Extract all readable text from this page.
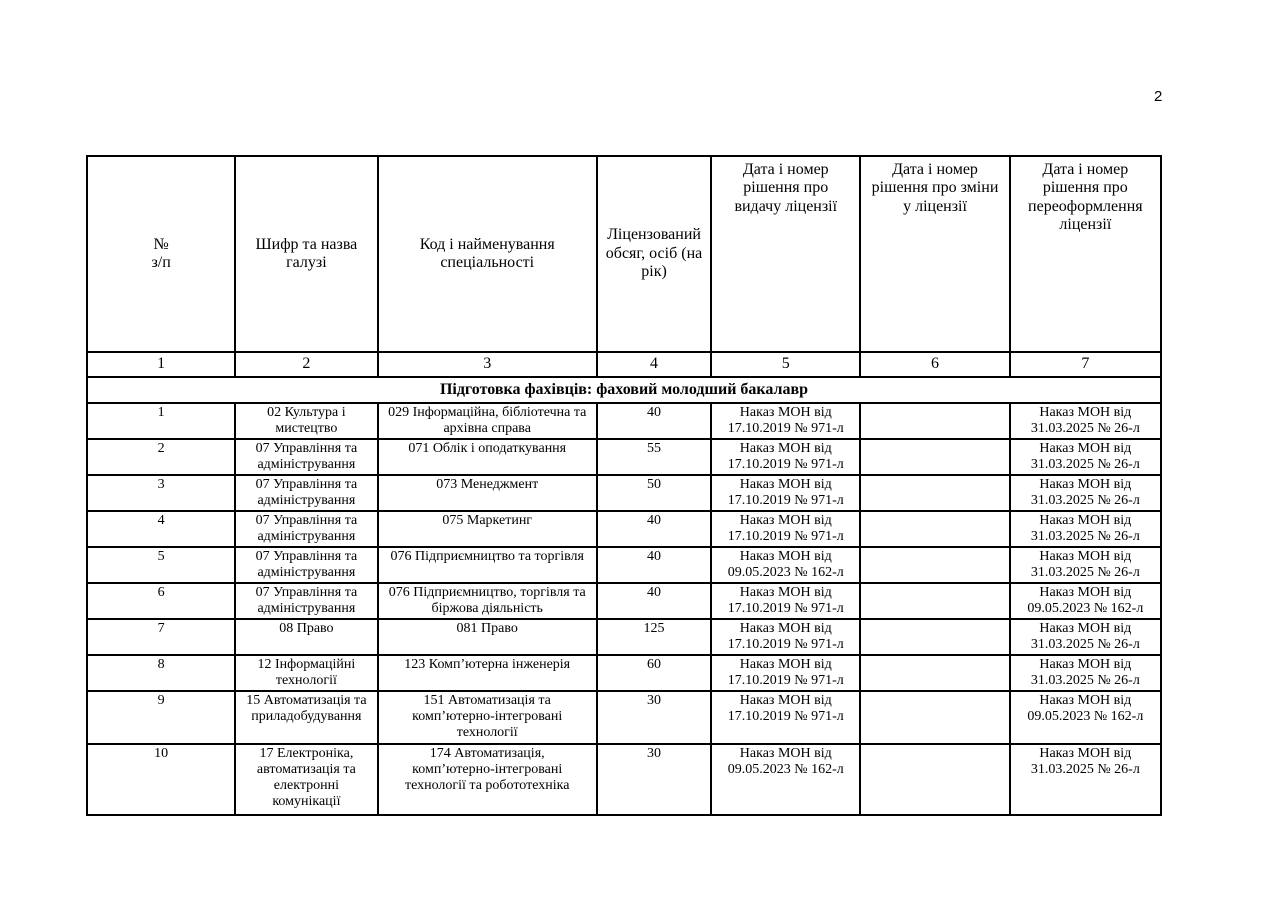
2
№
з/п	Шифр та назва
галузі	Код і найменування
спеціальності	Ліцензований
обсяг, осіб (на
рік)	Дата і номер
рішення про
видачу ліцензії	Дата і номер
рішення про зміни
у ліцензії	Дата і номер
рішення про
переоформлення
ліцензії

1	2	3	4	5	6	7
Підготовка фахівців: фаховий молодший бакалавр						

1	02 Культура і
мистецтво	029 Інформаційна, бібліотечна та
архівна справа	40	Наказ МОН від
17.10.2019 № 971-л		Наказ МОН від
31.03.2025 № 26-л

2	07 Управління та
адміністрування	071 Облік і оподаткування	55	Наказ МОН від
17.10.2019 № 971-л		Наказ МОН від
31.03.2025 № 26-л

3	07 Управління та
адміністрування	073 Менеджмент	50	Наказ МОН від
17.10.2019 № 971-л		Наказ МОН від
31.03.2025 № 26-л

4	07 Управління та
адміністрування	075 Маркетинг	40	Наказ МОН від
17.10.2019 № 971-л		Наказ МОН від
31.03.2025 № 26-л

5	07 Управління та
адміністрування	076 Підприємництво та торгівля	40	Наказ МОН від
09.05.2023 № 162-л		Наказ МОН від
31.03.2025 № 26-л

6	07 Управління та
адміністрування	076 Підприємництво, торгівля та
біржова діяльність	40	Наказ МОН від
17.10.2019 № 971-л		Наказ МОН від
09.05.2023 № 162-л

7	08 Право	081 Право	125	Наказ МОН від
17.10.2019 № 971-л		Наказ МОН від
31.03.2025 № 26-л

8	12 Інформаційні
технології	123 Комп’ютерна інженерія	60	Наказ МОН від
17.10.2019 № 971-л		Наказ МОН від
31.03.2025 № 26-л

9	15 Автоматизація та
приладобудування	151 Автоматизація та
комп’ютерно-інтегровані
технології	30	Наказ МОН від
17.10.2019 № 971-л		Наказ МОН від
09.05.2023 № 162-л

10	17 Електроніка,
автоматизація та
електронні
комунікації	174 Автоматизація,
комп’ютерно-інтегровані
технології та робототехніка	30	Наказ МОН від
09.05.2023 № 162-л		Наказ МОН від
31.03.2025 № 26-л
